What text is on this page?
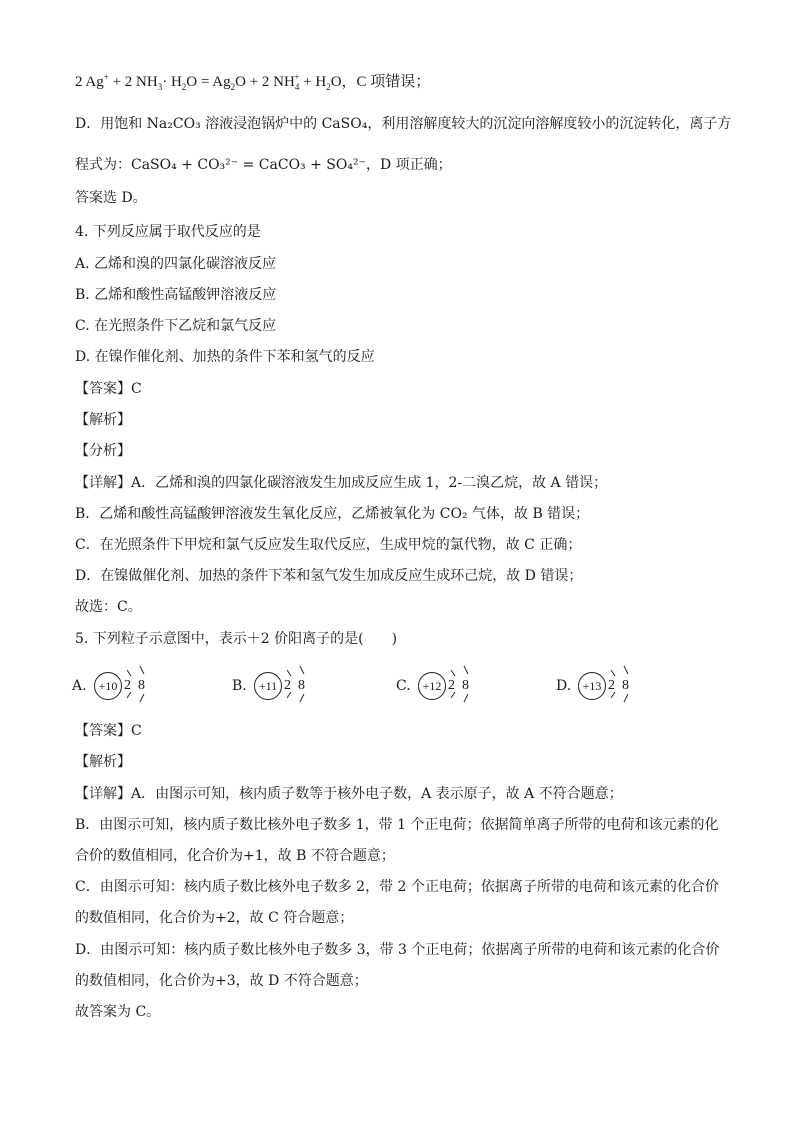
2 Ag+ + 2 $NH_3\cdot H_2O = Ag_2O + 2$ $NH_4^+ + H_2O$，C 项错误；
D．用饱和 Na₂CO₃ 溶液浸泡锅炉中的 CaSO₄，利用溶解度较大的沉淀向溶解度较小的沉淀转化，离子方
程式为：CaSO₄ + CO₃²⁻ = CaCO₃ + SO₄²⁻，D 项正确；
答案选 D。
4. 下列反应属于取代反应的是
A. 乙烯和溴的四氯化碳溶液反应
B. 乙烯和酸性高锰酸钾溶液反应
C. 在光照条件下乙烷和氯气反应
D. 在镍作催化剂、加热的条件下苯和氢气的反应
【答案】C
【解析】
【分析】
【详解】A．乙烯和溴的四氯化碳溶液发生加成反应生成 1，2-二溴乙烷，故 A 错误；
B．乙烯和酸性高锰酸钾溶液发生氧化反应，乙烯被氧化为 CO₂ 气体，故 B 错误；
C．在光照条件下甲烷和氯气反应发生取代反应，生成甲烷的氯代物，故 C 正确；
D．在镍做催化剂、加热的条件下苯和氢气发生加成反应生成环己烷，故 D 错误；
故选：C。
5. 下列粒子示意图中，表示＋2 价阳离子的是(　　)
A.	+10 2 8	B.	+11 2 8	C. +12 2 8	D. +13 2 8
【答案】C
【解析】
【详解】A．由图示可知，核内质子数等于核外电子数，A 表示原子，故 A 不符合题意；
B．由图示可知，核内质子数比核外电子数多 1，带 1 个正电荷；依据简单离子所带的电荷和该元素的化
合价的数值相同，化合价为+1，故 B 不符合题意；
C．由图示可知：核内质子数比核外电子数多 2，带 2 个正电荷；依据离子所带的电荷和该元素的化合价
的数值相同，化合价为+2，故 C 符合题意；
D．由图示可知：核内质子数比核外电子数多 3，带 3 个正电荷；依据离子所带的电荷和该元素的化合价
的数值相同，化合价为+3，故 D 不符合题意；
故答案为 C。
